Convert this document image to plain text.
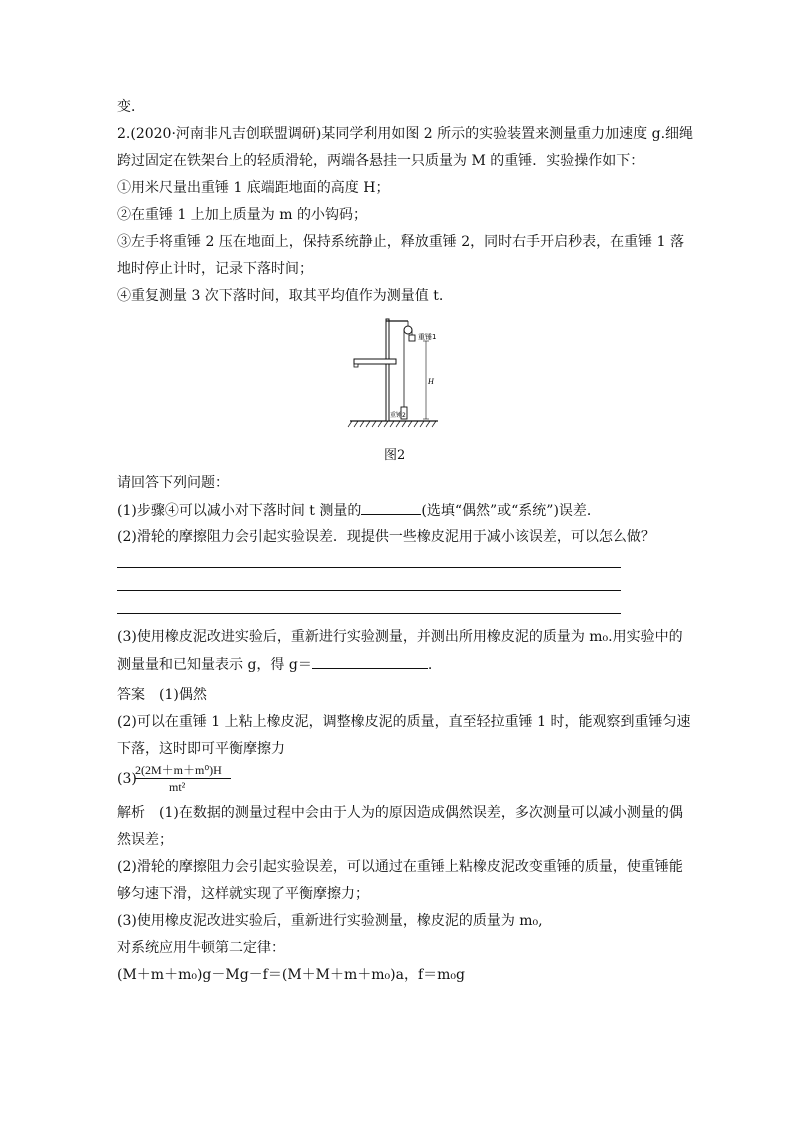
变．
2.(2020·河南非凡吉创联盟调研)某同学利用如图 2 所示的实验装置来测量重力加速度 g.细绳
跨过固定在铁架台上的轻质滑轮，两端各悬挂一只质量为 M 的重锤．实验操作如下：
①用米尺量出重锤 1 底端距地面的高度 H；
②在重锤 1 上加上质量为 m 的小钩码；
③左手将重锤 2 压在地面上，保持系统静止，释放重锤 2，同时右手开启秒表，在重锤 1 落
地时停止计时，记录下落时间；
④重复测量 3 次下落时间，取其平均值作为测量值 t.
重锤1
H
重锤2
图2
请回答下列问题：
(1)步骤④可以减小对下落时间 t 测量的	(选填“偶然”或“系统”)误差．
(2)滑轮的摩擦阻力会引起实验误差．现提供一些橡皮泥用于减小该误差，可以怎么做？
(3)使用橡皮泥改进实验后，重新进行实验测量，并测出所用橡皮泥的质量为 m₀.用实验中的
测量量和已知量表示 g，得 g＝	.
答案　(1)偶然
(2)可以在重锤 1 上粘上橡皮泥，调整橡皮泥的质量，直至轻拉重锤 1 时，能观察到重锤匀速
下落，这时即可平衡摩擦力
(3)
2(2M＋m＋m⁰)H
mt²
解析　(1)在数据的测量过程中会由于人为的原因造成偶然误差，多次测量可以减小测量的偶
然误差；
(2)滑轮的摩擦阻力会引起实验误差，可以通过在重锤上粘橡皮泥改变重锤的质量，使重锤能
够匀速下滑，这样就实现了平衡摩擦力；
(3)使用橡皮泥改进实验后，重新进行实验测量，橡皮泥的质量为 m₀,
对系统应用牛顿第二定律：
(M＋m＋m₀)g－Mg－f＝(M＋M＋m＋m₀)a，f＝m₀g
